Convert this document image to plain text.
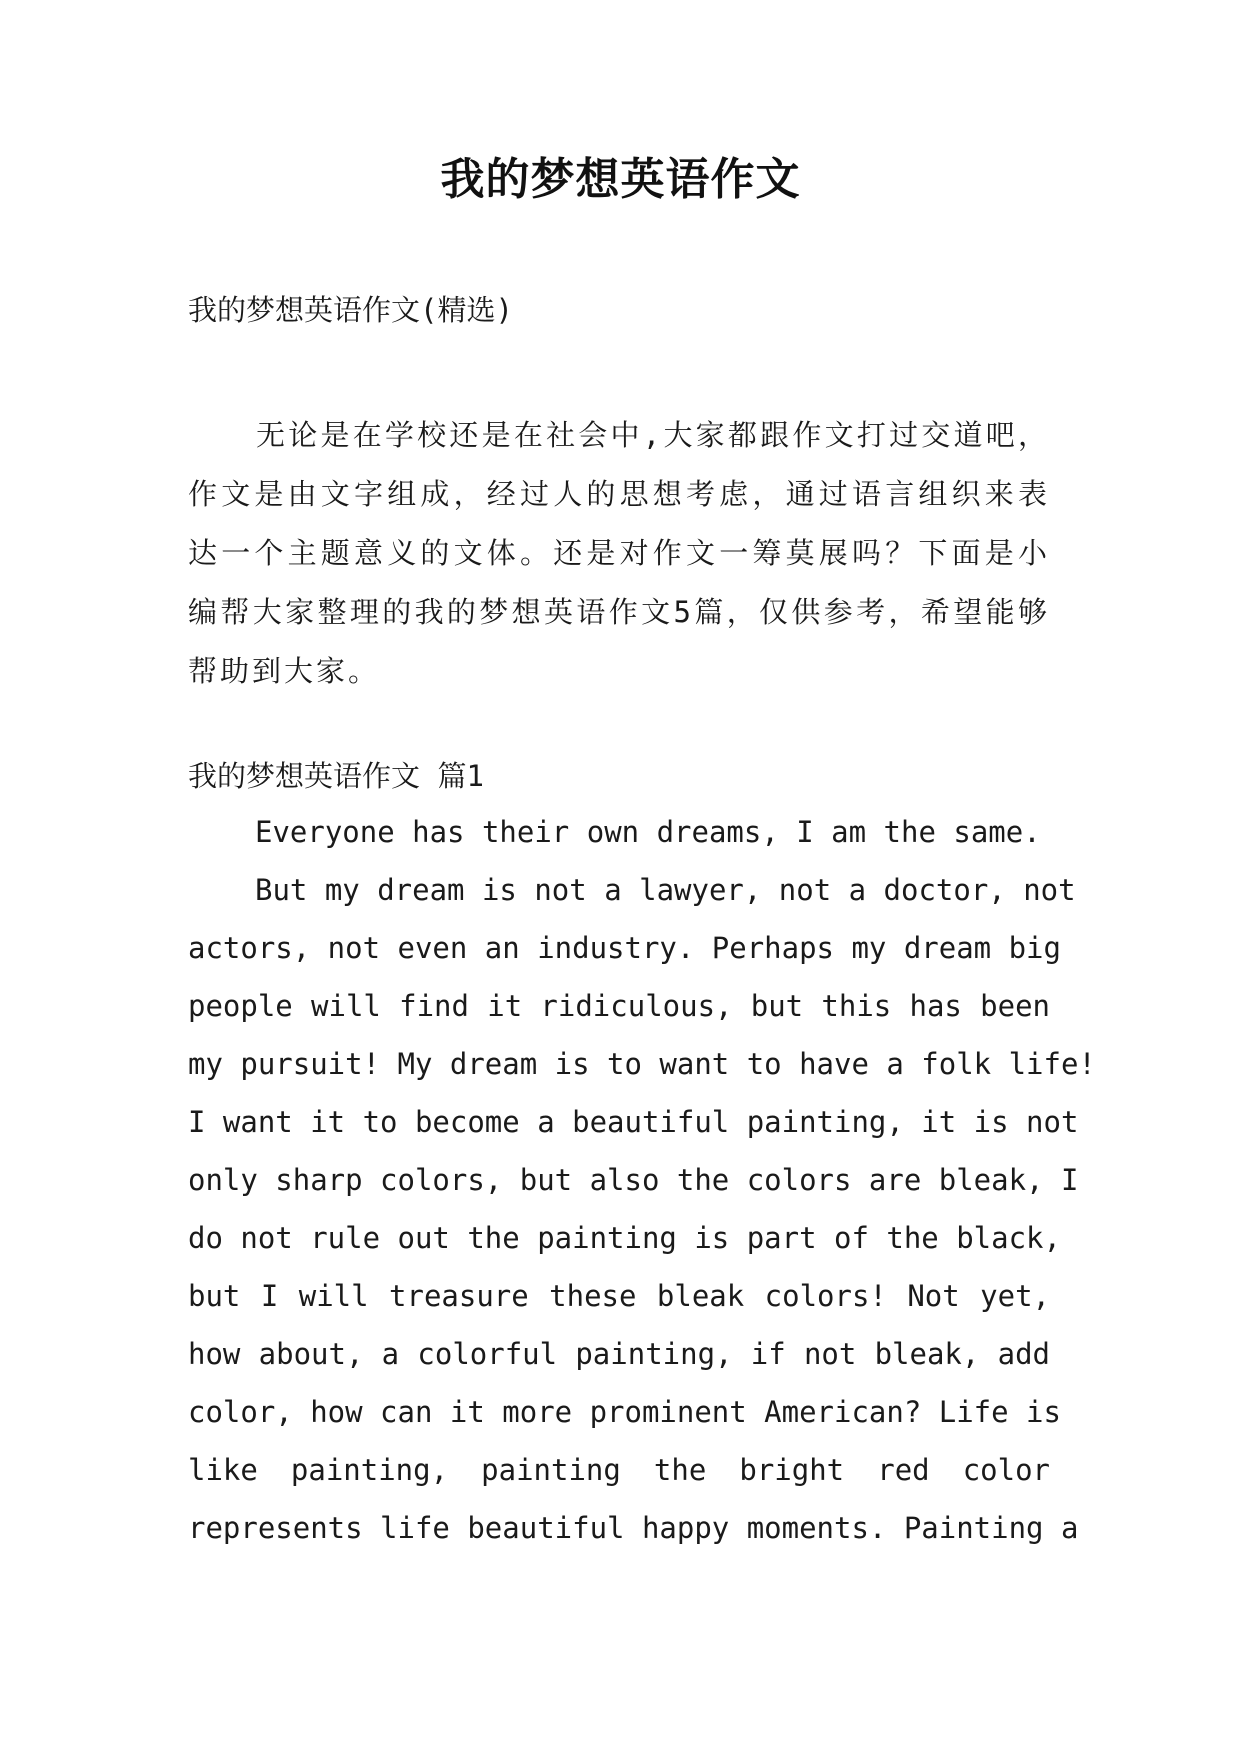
我的梦想英语作文

我的梦想英语作文(精选)

无论是在学校还是在社会中,大家都跟作文打过交道吧，作文是由文字组成，经过人的思想考虑，通过语言组织来表达一个主题意义的文体。还是对作文一筹莫展吗？下面是小编帮大家整理的我的梦想英语作文5篇，仅供参考，希望能够帮助到大家。

我的梦想英语作文 篇1

Everyone has their own dreams, I am the same.

But my dream is not a lawyer, not a doctor, not

actors, not even an industry. Perhaps my dream big

people will find it ridiculous, but this has been

my pursuit! My dream is to want to have a folk life!

I want it to become a beautiful painting, it is not

only sharp colors, but also the colors are bleak, I

do not rule out the painting is part of the black,

but I will treasure these bleak colors! Not yet,

how about, a colorful painting, if not bleak, add

color, how can it more prominent American? Life is

like painting, painting the bright red color

represents life beautiful happy moments. Painting a
